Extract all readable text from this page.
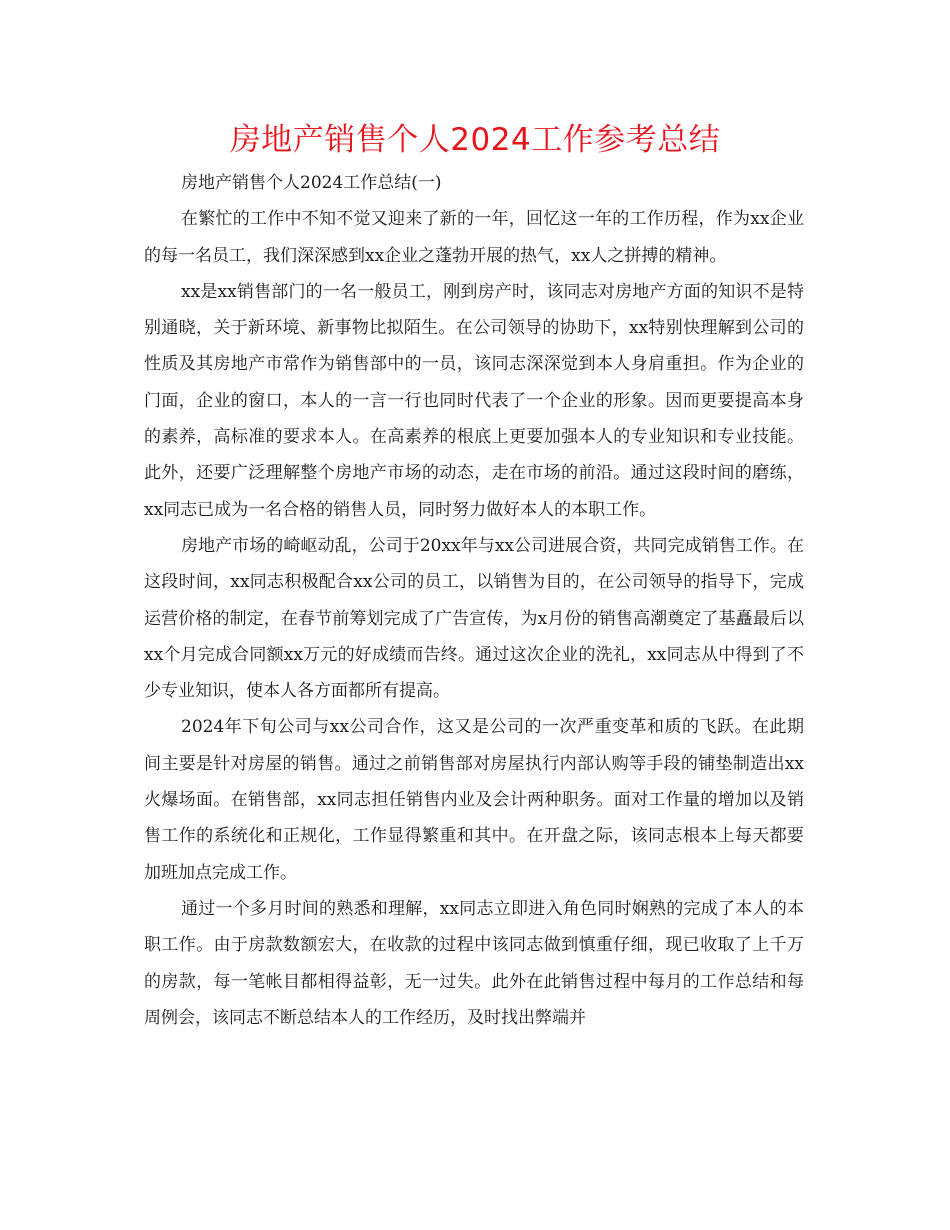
房地产销售个人2024工作参考总结

房地产销售个人2024工作总结(一)

在繁忙的工作中不知不觉又迎来了新的一年，回忆这一年的工作历程，作为xx企业的每一名员工，我们深深感到xx企业之蓬勃开展的热气，xx人之拼搏的精神。

xx是xx销售部门的一名一般员工，刚到房产时，该同志对房地产方面的知识不是特别通晓，关于新环境、新事物比拟陌生。在公司领导的协助下，xx特别快理解到公司的性质及其房地产市常作为销售部中的一员，该同志深深觉到本人身肩重担。作为企业的门面，企业的窗口，本人的一言一行也同时代表了一个企业的形象。因而更要提高本身的素养，高标准的要求本人。在高素养的根底上更要加强本人的专业知识和专业技能。此外，还要广泛理解整个房地产市场的动态，走在市场的前沿。通过这段时间的磨练，xx同志已成为一名合格的销售人员，同时努力做好本人的本职工作。

房地产市场的崎岖动乱，公司于20xx年与xx公司进展合资，共同完成销售工作。在这段时间，xx同志积极配合xx公司的员工，以销售为目的，在公司领导的指导下，完成运营价格的制定，在春节前筹划完成了广告宣传，为x月份的销售高潮奠定了基矗最后以xx个月完成合同额xx万元的好成绩而告终。通过这次企业的洗礼，xx同志从中得到了不少专业知识，使本人各方面都所有提高。

2024年下旬公司与xx公司合作，这又是公司的一次严重变革和质的飞跃。在此期间主要是针对房屋的销售。通过之前销售部对房屋执行内部认购等手段的铺垫制造出xx火爆场面。在销售部，xx同志担任销售内业及会计两种职务。面对工作量的增加以及销售工作的系统化和正规化，工作显得繁重和其中。在开盘之际，该同志根本上每天都要加班加点完成工作。

通过一个多月时间的熟悉和理解，xx同志立即进入角色同时娴熟的完成了本人的本职工作。由于房款数额宏大，在收款的过程中该同志做到慎重仔细，现已收取了上千万的房款，每一笔帐目都相得益彰，无一过失。此外在此销售过程中每月的工作总结和每周例会，该同志不断总结本人的工作经历，及时找出弊端并
